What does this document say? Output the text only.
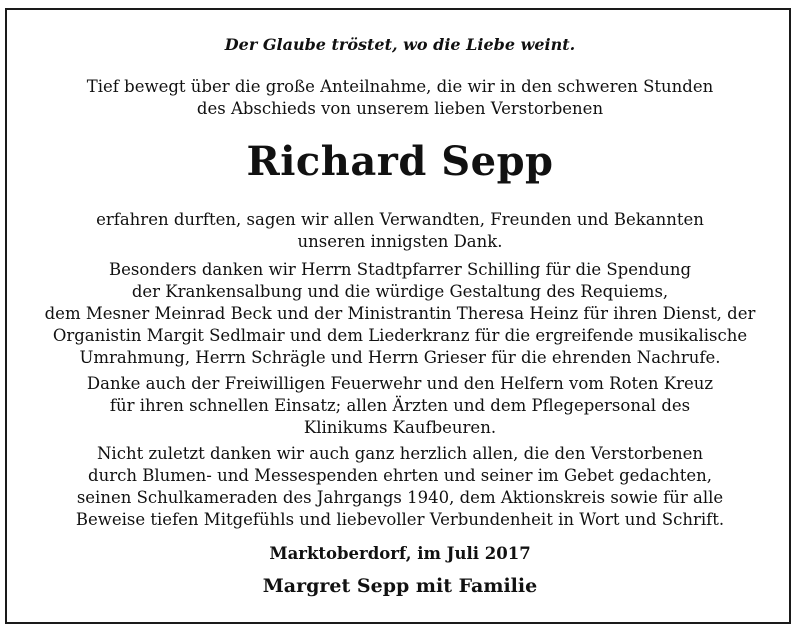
Der Glaube tröstet, wo die Liebe weint.
Tief bewegt über die große Anteilnahme, die wir in den schweren Stunden
des Abschieds von unserem lieben Verstorbenen
Richard Sepp
erfahren durften, sagen wir allen Verwandten, Freunden und Bekannten
unseren innigsten Dank.
Besonders danken wir Herrn Stadtpfarrer Schilling für die Spendung
der Krankensalbung und die würdige Gestaltung des Requiems,
dem Mesner Meinrad Beck und der Ministrantin Theresa Heinz für ihren Dienst, der
Organistin Margit Sedlmair und dem Liederkranz für die ergreifende musikalische
Umrahmung, Herrn Schrägle und Herrn Grieser für die ehrenden Nachrufe.
Danke auch der Freiwilligen Feuerwehr und den Helfern vom Roten Kreuz
für ihren schnellen Einsatz; allen Ärzten und dem Pflegepersonal des
Klinikums Kaufbeuren.
Nicht zuletzt danken wir auch ganz herzlich allen, die den Verstorbenen
durch Blumen- und Messespenden ehrten und seiner im Gebet gedachten,
seinen Schulkameraden des Jahrgangs 1940, dem Aktionskreis sowie für alle
Beweise tiefen Mitgefühls und liebevoller Verbundenheit in Wort und Schrift.
Marktoberdorf, im Juli 2017
Margret Sepp mit Familie
